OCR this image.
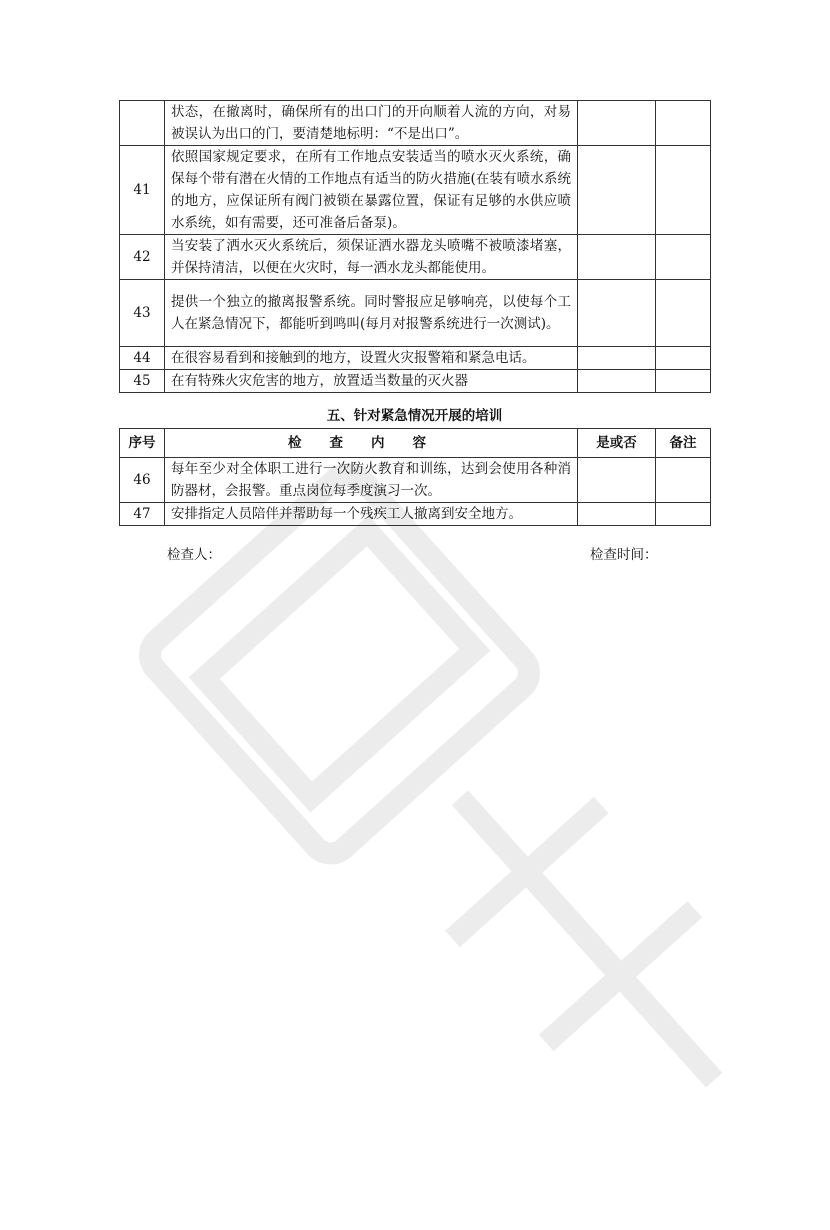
	状态，在撤离时，确保所有的出口门的开向顺着人流的方向，对易被误认为出口的门，要清楚地标明：“不是出口”。		
41	依照国家规定要求，在所有工作地点安装适当的喷水灭火系统，确保每个带有潜在火情的工作地点有适当的防火措施(在装有喷水系统的地方，应保证所有阀门被锁在暴露位置，保证有足够的水供应喷水系统，如有需要，还可准备后备泵)。		
42	当安装了洒水灭火系统后，须保证洒水器龙头喷嘴不被喷漆堵塞，并保持清洁，以便在火灾时，每一洒水龙头都能使用。		
43	提供一个独立的撤离报警系统。同时警报应足够响亮，以使每个工人在紧急情况下，都能听到鸣叫(每月对报警系统进行一次测试)。		
44	在很容易看到和接触到的地方，设置火灾报警箱和紧急电话。		
45	在有特殊火灾危害的地方，放置适当数量的灭火器		
五、针对紧急情况开展的培训
序号	检查内容	是或否	备注
46	每年至少对全体职工进行一次防火教育和训练，达到会使用各种消防器材，会报警。重点岗位每季度演习一次。		
47	安排指定人员陪伴并帮助每一个残疾工人撤离到安全地方。		
检查人：	检查时间：
